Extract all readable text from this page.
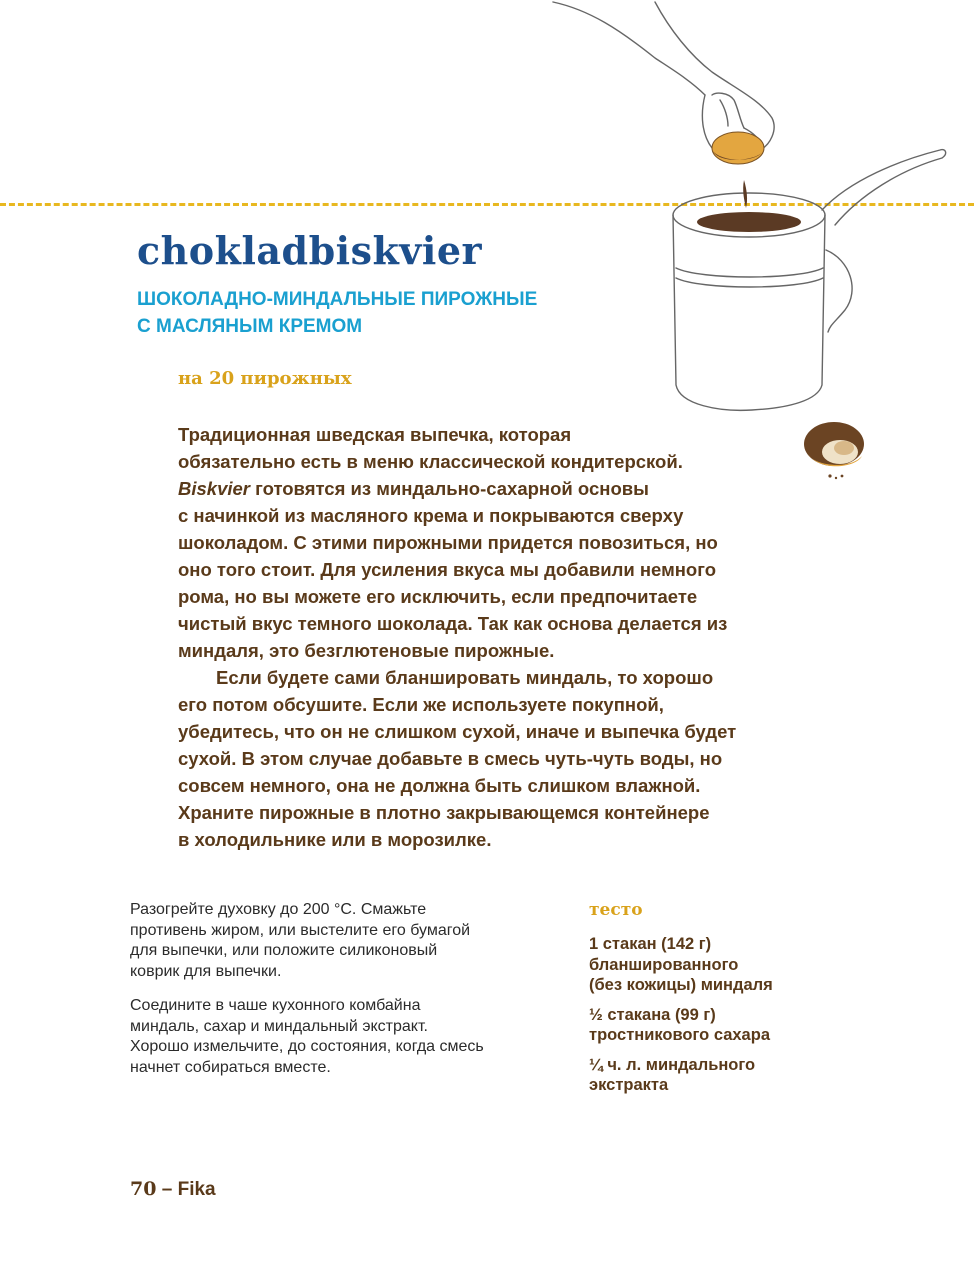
chokladbiskvier
ШОКОЛАДНО-МИНДАЛЬНЫЕ ПИРОЖНЫЕ
С МАСЛЯНЫМ КРЕМОМ
на 20 пирожных
Традиционная шведская выпечка, которая
обязательно есть в меню классической кондитерской.
Biskvier готовятся из миндально-сахарной основы
с начинкой из масляного крема и покрываются сверху
шоколадом. С этими пирожными придется повозиться, но
оно того стоит. Для усиления вкуса мы добавили немного
рома, но вы можете его исключить, если предпочитаете
чистый вкус темного шоколада. Так как основа делается из
миндаля, это безглютеновые пирожные.
Если будете сами бланшировать миндаль, то хорошо
его потом обсушите. Если же используете покупной,
убедитесь, что он не слишком сухой, иначе и выпечка будет
сухой. В этом случае добавьте в смесь чуть-чуть воды, но
совсем немного, она не должна быть слишком влажной.
Храните пирожные в плотно закрывающемся контейнере
в холодильнике или в морозилке.

Разогрейте духовку до 200 °C. Смажьте
противень жиром, или выстелите его бумагой
для выпечки, или положите силиконовый
коврик для выпечки.

Соедините в чаше кухонного комбайна
миндаль, сахар и миндальный экстракт.
Хорошо измельчите, до состояния, когда смесь
начнет собираться вместе.

тесто
1 стакан (142 г)
бланшированного
(без кожицы) миндаля
½ стакана (99 г)
тростникового сахара
¼ ч. л. миндального
экстракта
70 – Fika
